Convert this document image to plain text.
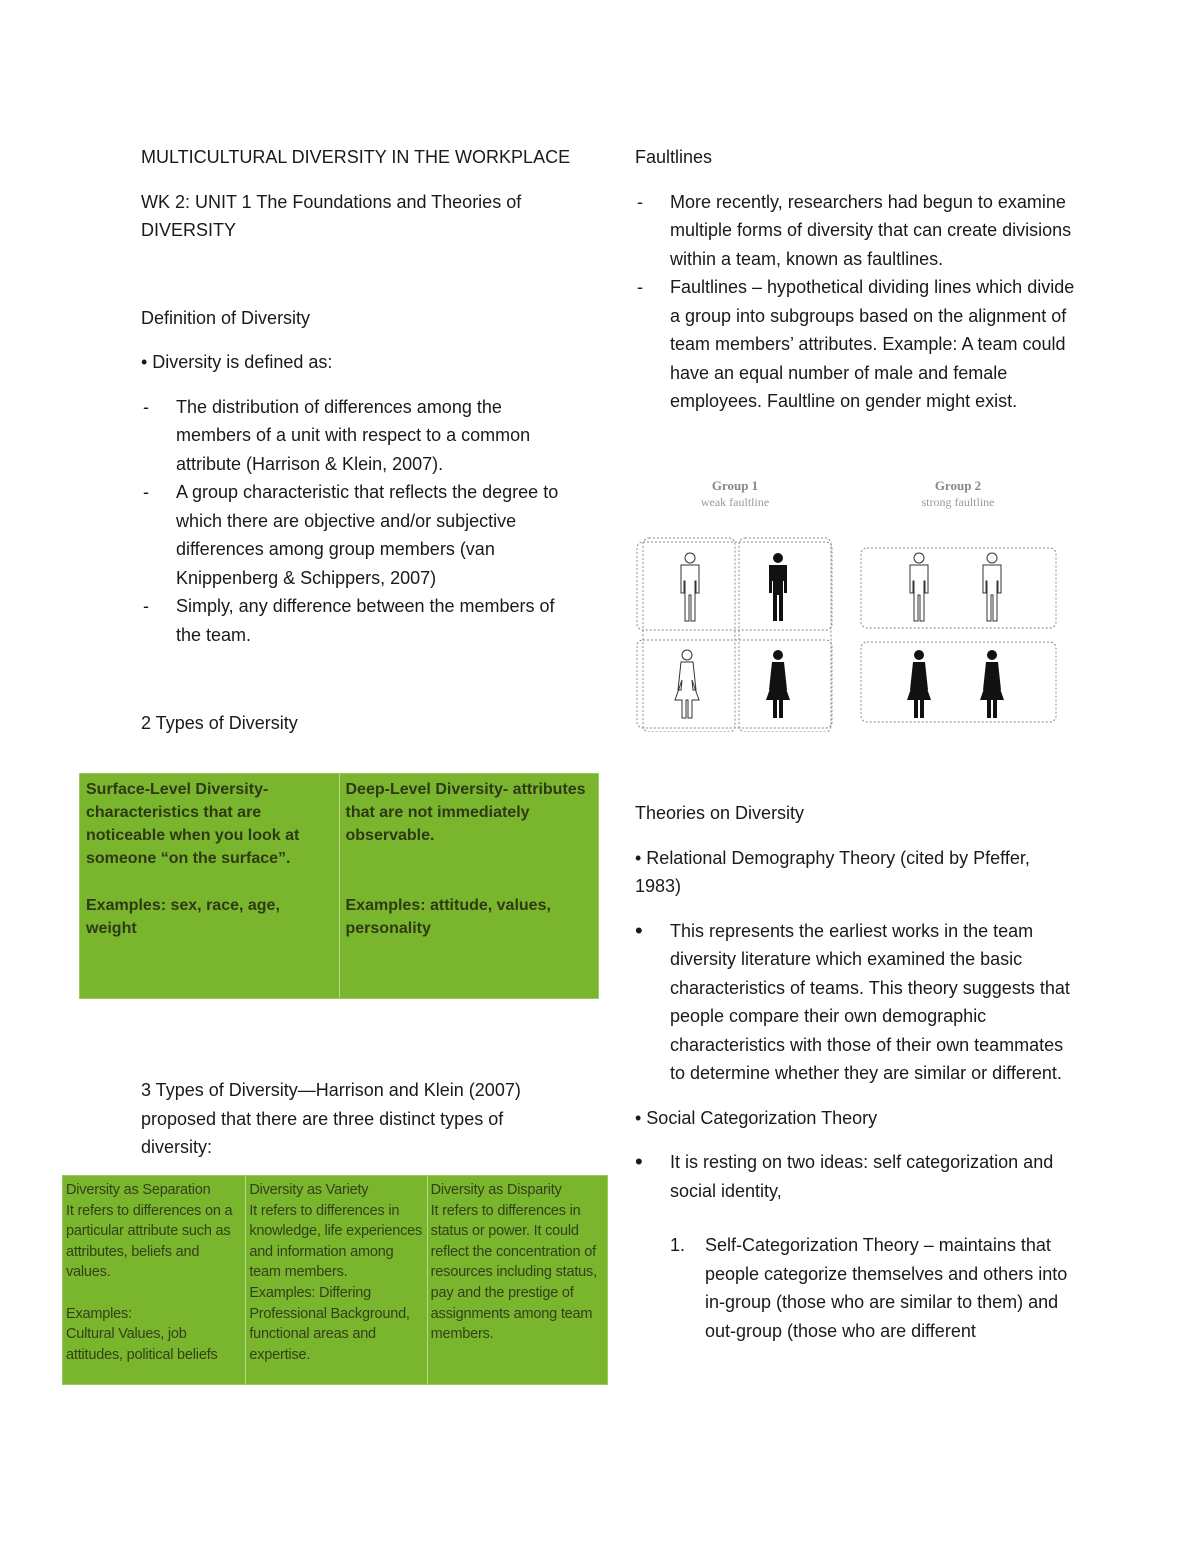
MULTICULTURAL DIVERSITY IN THE WORKPLACE

WK 2: UNIT 1 The Foundations and Theories of DIVERSITY

Definition of Diversity

• Diversity is defined as:

- The distribution of differences among the members of a unit with respect to a common attribute (Harrison & Klein, 2007).
- A group characteristic that reflects the degree to which there are objective and/or subjective differences among group members (van Knippenberg & Schippers, 2007)
- Simply, any difference between the members of the team.

2 Types of Diversity

Surface-Level Diversity- characteristics that are noticeable when you look at someone “on the surface”.
Examples: sex, race, age, weight
Deep-Level Diversity- attributes that are not immediately observable.
Examples: attitude, values, personality

3 Types of Diversity—Harrison and Klein (2007) proposed that there are three distinct types of diversity:

Diversity as Separation
It refers to differences on a particular attribute such as attributes, beliefs and values.
Examples:
Cultural Values, job attitudes, political beliefs
Diversity as Variety
It refers to differences in knowledge, life experiences and information among team members.
Examples: Differing Professional Background, functional areas and expertise.
Diversity as Disparity
It refers to differences in status or power. It could reflect the concentration of resources including status, pay and the prestige of assignments among team members.

Faultlines

- More recently, researchers had begun to examine multiple forms of diversity that can create divisions within a team, known as faultlines.
- Faultlines – hypothetical dividing lines which divide a group into subgroups based on the alignment of team members’ attributes. Example: A team could have an equal number of male and female employees. Faultline on gender might exist.
Group 1
weak faultline
Group 2
strong faultline

Theories on Diversity

• Relational Demography Theory (cited by Pfeffer, 1983)

• This represents the earliest works in the team diversity literature which examined the basic characteristics of teams. This theory suggests that people compare their own demographic characteristics with those of their own teammates to determine whether they are similar or different.

• Social Categorization Theory

• It is resting on two ideas: self categorization and social identity,
1. Self-Categorization Theory – maintains that people categorize themselves and others into in-group (those who are similar to them) and
out-group (those who are different
